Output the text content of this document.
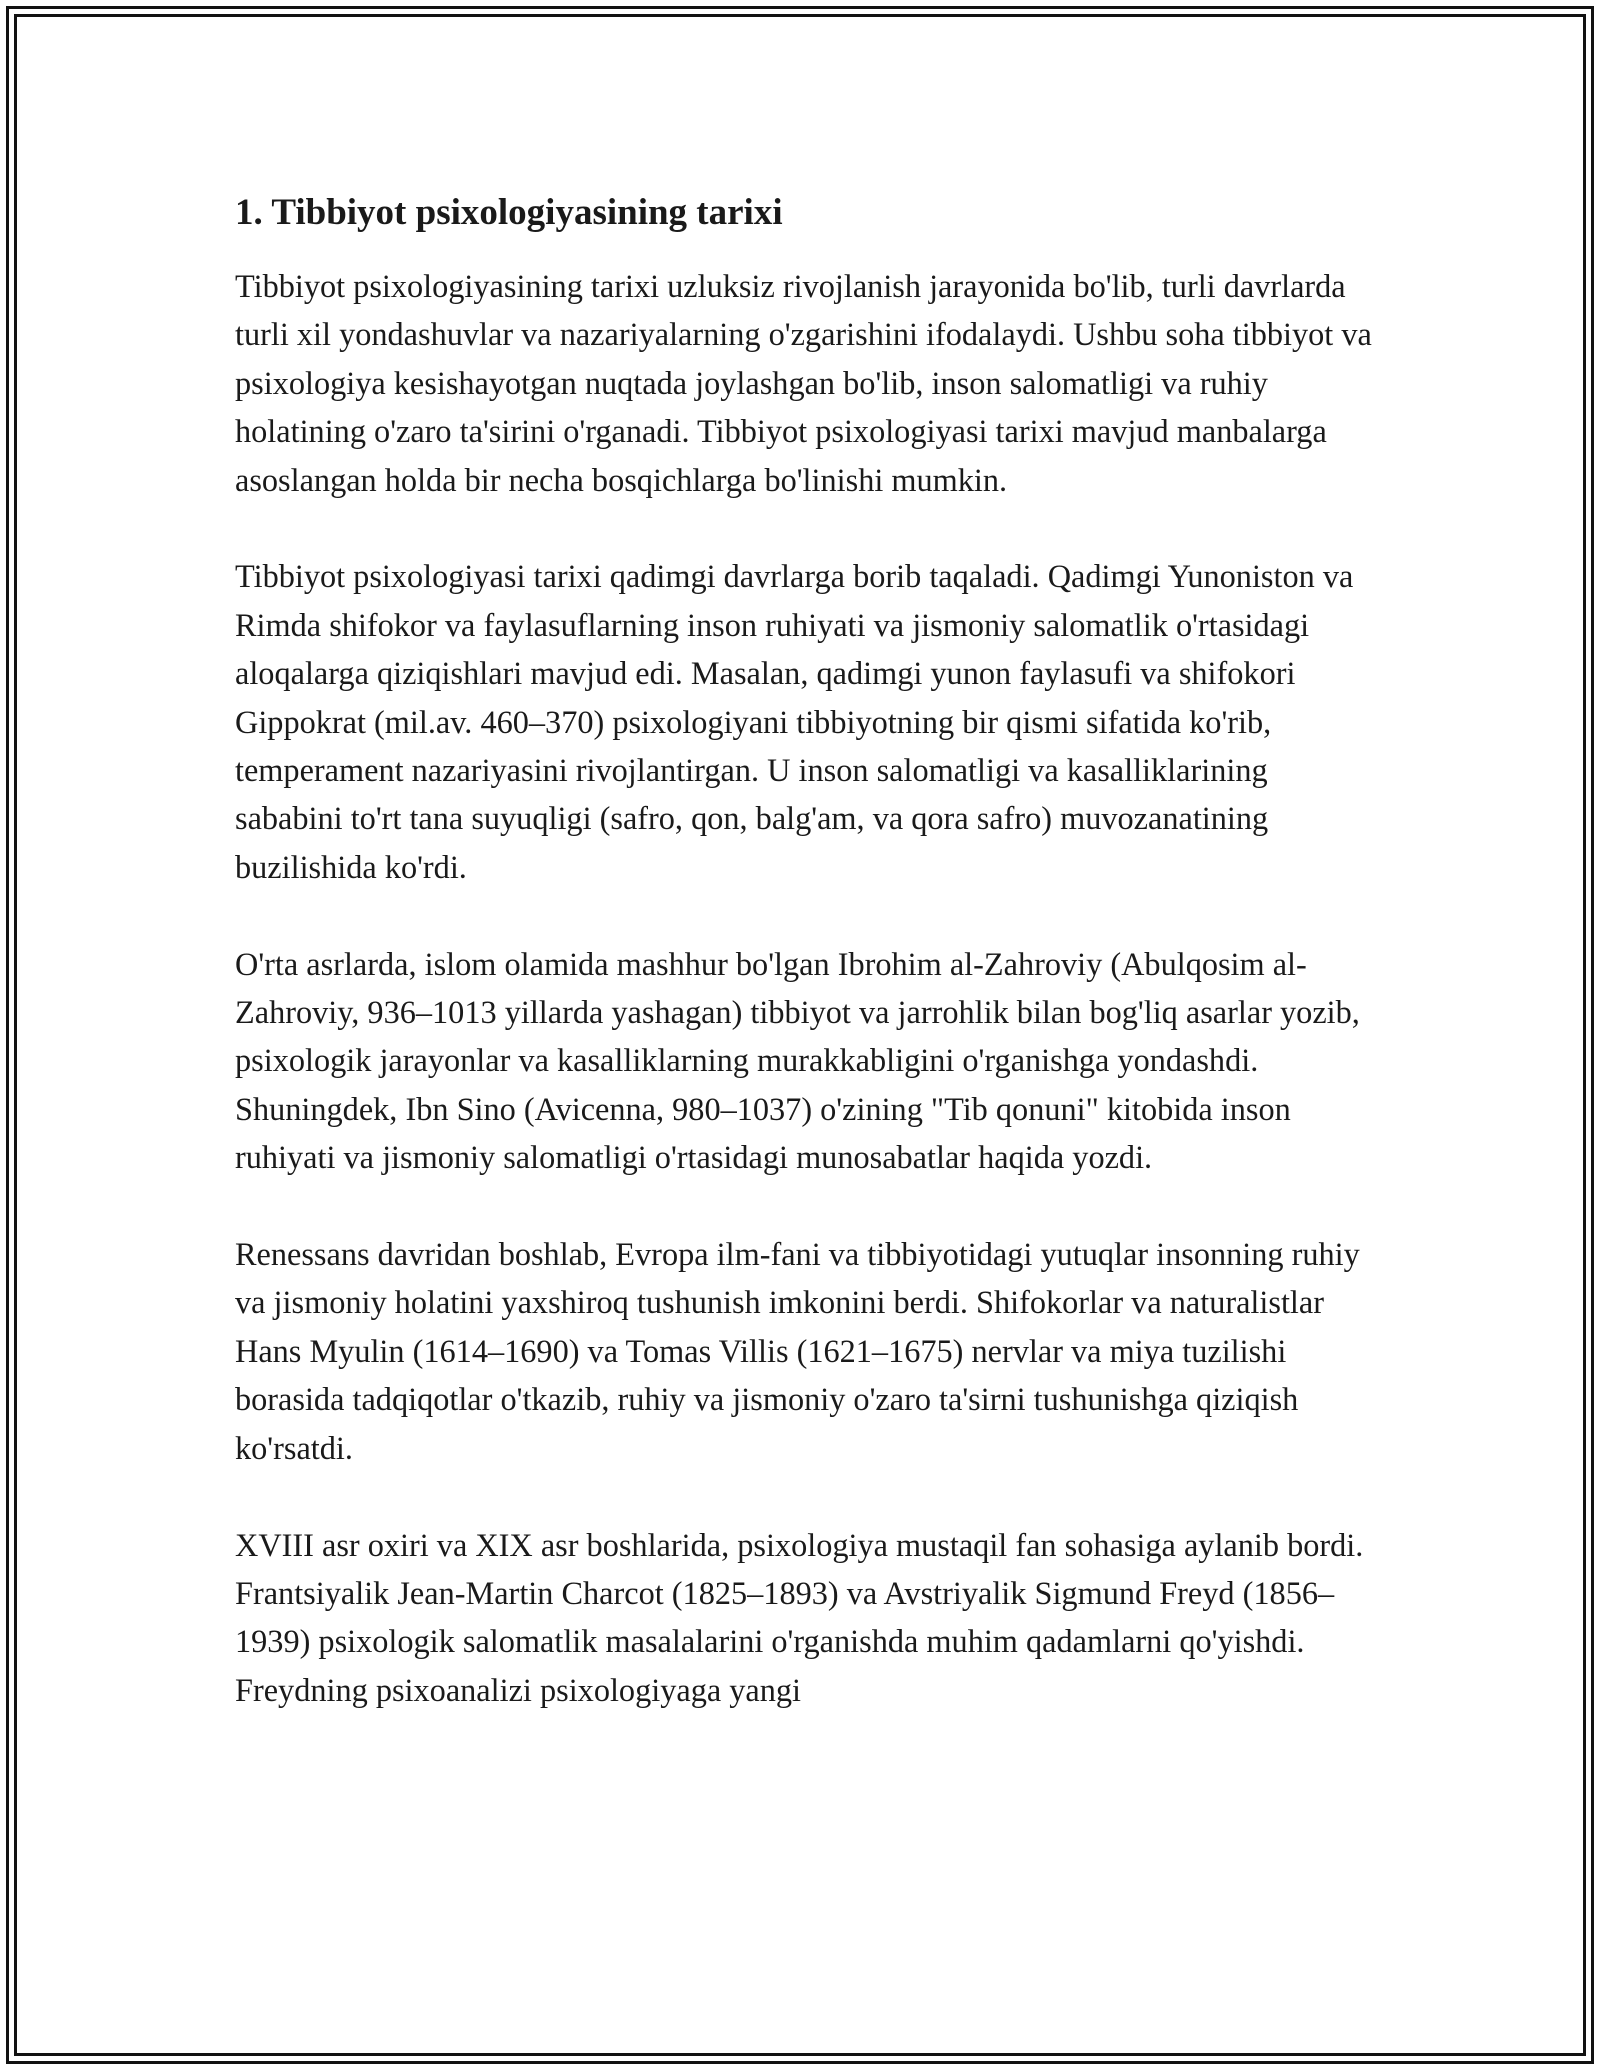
1. Tibbiyot psixologiyasining tarixi

Tibbiyot psixologiyasining tarixi uzluksiz rivojlanish jarayonida bo'lib, turli davrlarda turli xil yondashuvlar va nazariyalarning o'zgarishini ifodalaydi. Ushbu soha tibbiyot va psixologiya kesishayotgan nuqtada joylashgan bo'lib, inson salomatligi va ruhiy holatining o'zaro ta'sirini o'rganadi. Tibbiyot psixologiyasi tarixi mavjud manbalarga asoslangan holda bir necha bosqichlarga bo'linishi mumkin.

Tibbiyot psixologiyasi tarixi qadimgi davrlarga borib taqaladi. Qadimgi Yunoniston va Rimda shifokor va faylasuflarning inson ruhiyati va jismoniy salomatlik o'rtasidagi aloqalarga qiziqishlari mavjud edi. Masalan, qadimgi yunon faylasufi va shifokori Gippokrat (mil.av. 460–370) psixologiyani tibbiyotning bir qismi sifatida ko'rib, temperament nazariyasini rivojlantirgan. U inson salomatligi va kasalliklarining sababini to'rt tana suyuqligi (safro, qon, balg'am, va qora safro) muvozanatining buzilishida ko'rdi.

O'rta asrlarda, islom olamida mashhur bo'lgan Ibrohim al-Zahroviy (Abulqosim al-Zahroviy, 936–1013 yillarda yashagan) tibbiyot va jarrohlik bilan bog'liq asarlar yozib, psixologik jarayonlar va kasalliklarning murakkabligini o'rganishga yondashdi. Shuningdek, Ibn Sino (Avicenna, 980–1037) o'zining "Tib qonuni" kitobida inson ruhiyati va jismoniy salomatligi o'rtasidagi munosabatlar haqida yozdi.

Renessans davridan boshlab, Evropa ilm-fani va tibbiyotidagi yutuqlar insonning ruhiy va jismoniy holatini yaxshiroq tushunish imkonini berdi. Shifokorlar va naturalistlar Hans Myulin (1614–1690) va Tomas Villis (1621–1675) nervlar va miya tuzilishi borasida tadqiqotlar o'tkazib, ruhiy va jismoniy o'zaro ta'sirni tushunishga qiziqish ko'rsatdi.

XVIII asr oxiri va XIX asr boshlarida, psixologiya mustaqil fan sohasiga aylanib bordi. Frantsiyalik Jean-Martin Charcot (1825–1893) va Avstriyalik Sigmund Freyd (1856–1939) psixologik salomatlik masalalarini o'rganishda muhim qadamlarni qo'yishdi. Freydning psixoanalizi psixologiyaga yangi
